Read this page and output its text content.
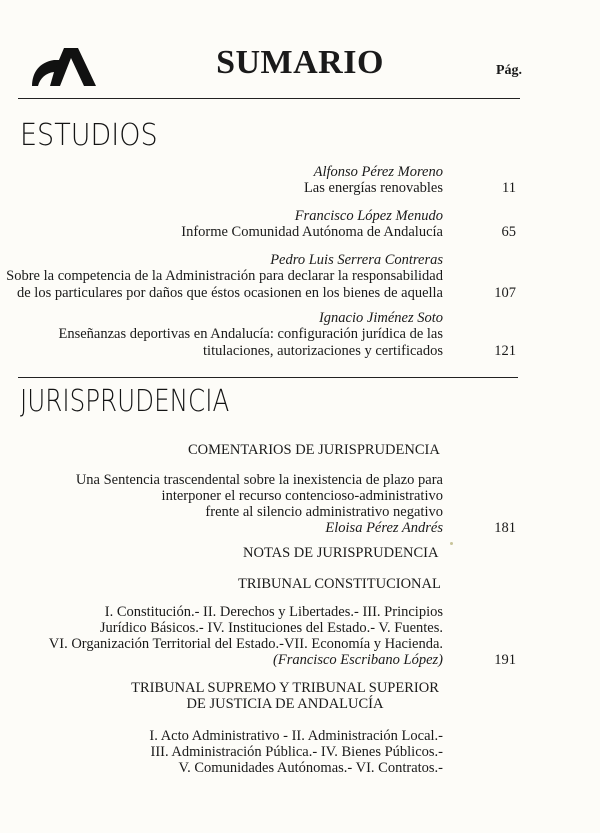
SUMARIO	Pág.
ESTUDIOS
Alfonso Pérez Moreno
Las energías renovables	11
Francisco López Menudo
Informe Comunidad Autónoma de Andalucía	65
Pedro Luis Serrera Contreras
Sobre la competencia de la Administración para declarar la responsabilidad
de los particulares por daños que éstos ocasionen en los bienes de aquella	107
Ignacio Jiménez Soto
Enseñanzas deportivas en Andalucía: configuración jurídica de las
titulaciones, autorizaciones y certificados	121
JURISPRUDENCIA
COMENTARIOS DE JURISPRUDENCIA
Una Sentencia trascendental sobre la inexistencia de plazo para
interponer el recurso contencioso-administrativo
frente al silencio administrativo negativo
Eloisa Pérez Andrés	181
NOTAS DE JURISPRUDENCIA
TRIBUNAL CONSTITUCIONAL
I. Constitución.- II. Derechos y Libertades.- III. Principios
Jurídico Básicos.- IV. Instituciones del Estado.- V. Fuentes.
VI. Organización Territorial del Estado.-VII. Economía y Hacienda.
(Francisco Escribano López)	191
TRIBUNAL SUPREMO Y TRIBUNAL SUPERIOR
DE JUSTICIA DE ANDALUCÍA
I. Acto Administrativo - II. Administración Local.-
III. Administración Pública.- IV. Bienes Públicos.-
V. Comunidades Autónomas.- VI. Contratos.-
